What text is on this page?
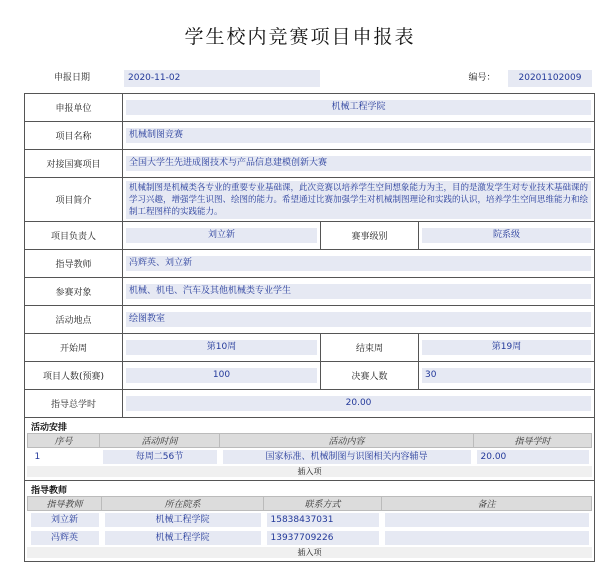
学生校内竞赛项目申报表
申报日期	2020-11-02	编号：	20201102009
申报单位	机械工程学院

项目名称	机械制图竞赛

对接国赛项目	全国大学生先进成图技术与产品信息建模创新大赛

项目简介	
机械制图是机械类各专业的重要专业基础课，此次竞赛以培养学生空间想象能力为主，目的是激发学生对专业技术基础课的学习兴趣，增强学生识图、绘图的能力。希望通过比赛加强学生对机械制图理论和实践的认识，培养学生空间思维能力和绘制工程图样的实践能力。

项目负责人	刘立新	赛事级别	院系级

指导教师	冯辉英、刘立新

参赛对象	机械、机电、汽车及其他机械类专业学生

活动地点	绘图教室

开始周	第10周	结束周	第19周

项目人数(预赛)	100	决赛人数	30

指导总学时	20.00

活动安排
序号	活动时间	活动内容	指导学时

1	每周二56节	国家标准、机械制图与识图相关内容辅导	20.00
插入项

指导教师
指导教师	所在院系	联系方式	备注

刘立新	机械工程学院	15838437031

冯辉英	机械工程学院	13937709226

插入项
